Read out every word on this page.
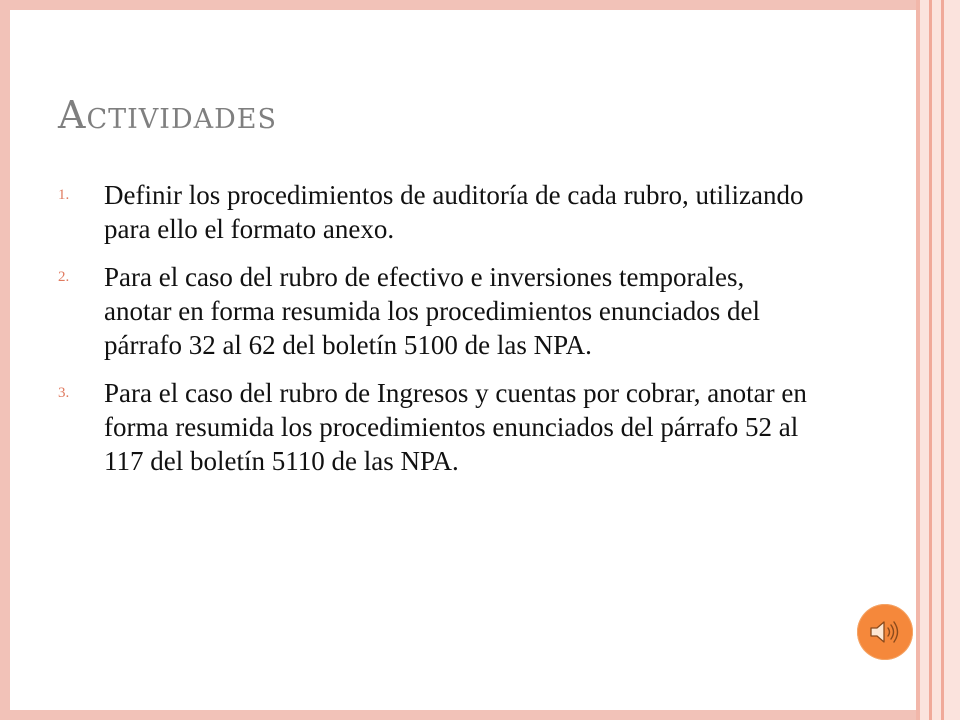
Actividades
1. Definir los procedimientos de auditoría de cada rubro, utilizando para ello el formato anexo.
2. Para el caso del rubro de efectivo e inversiones temporales, anotar en forma resumida los procedimientos enunciados del párrafo 32 al 62 del boletín 5100 de las NPA.
3. Para el caso del rubro de Ingresos y cuentas por cobrar, anotar en forma resumida los procedimientos enunciados del párrafo 52 al 117 del boletín 5110 de las NPA.
